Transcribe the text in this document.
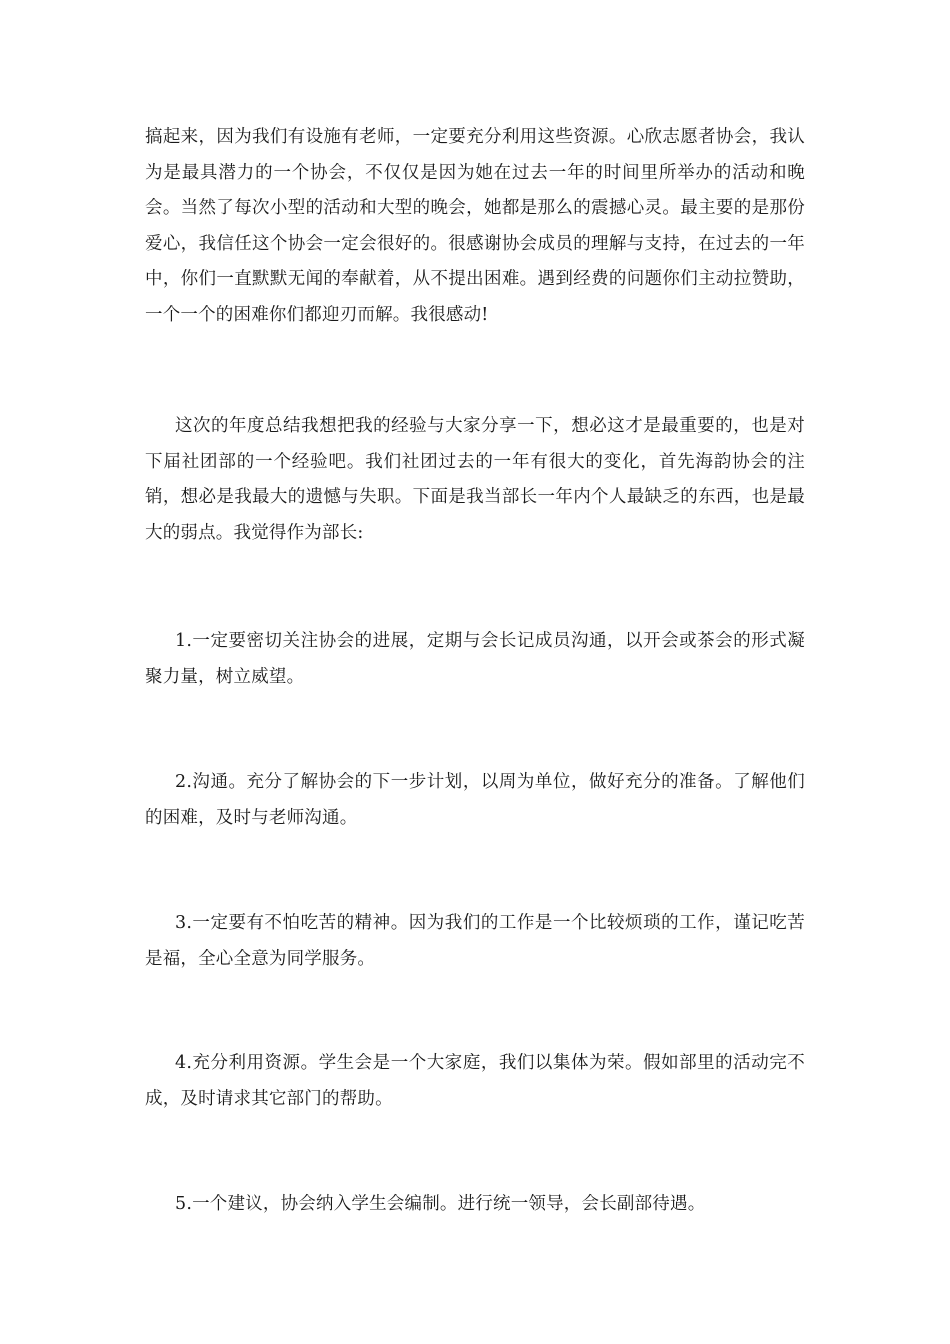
搞起来，因为我们有设施有老师，一定要充分利用这些资源。心欣志愿者协会，我认为是最具潜力的一个协会，不仅仅是因为她在过去一年的时间里所举办的活动和晚会。当然了每次小型的活动和大型的晚会，她都是那么的震撼心灵。最主要的是那份爱心，我信任这个协会一定会很好的。很感谢协会成员的理解与支持，在过去的一年中，你们一直默默无闻的奉献着，从不提出困难。遇到经费的问题你们主动拉赞助，一个一个的困难你们都迎刃而解。我很感动!

这次的年度总结我想把我的经验与大家分享一下，想必这才是最重要的，也是对下届社团部的一个经验吧。我们社团过去的一年有很大的变化，首先海韵协会的注销，想必是我最大的遗憾与失职。下面是我当部长一年内个人最缺乏的东西，也是最大的弱点。我觉得作为部长:

1.一定要密切关注协会的进展，定期与会长记成员沟通，以开会或茶会的形式凝聚力量，树立威望。

2.沟通。充分了解协会的下一步计划，以周为单位，做好充分的准备。了解他们的困难，及时与老师沟通。

3.一定要有不怕吃苦的精神。因为我们的工作是一个比较烦琐的工作，谨记吃苦是福，全心全意为同学服务。

4.充分利用资源。学生会是一个大家庭，我们以集体为荣。假如部里的活动完不成，及时请求其它部门的帮助。

5.一个建议，协会纳入学生会编制。进行统一领导，会长副部待遇。
